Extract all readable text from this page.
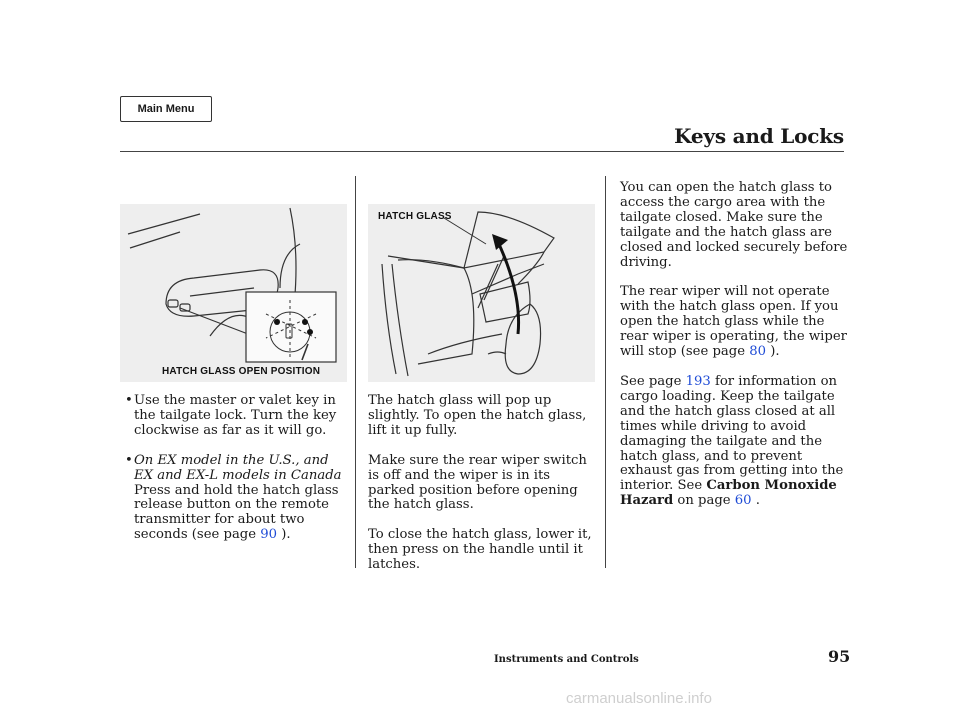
Main Menu
Keys and Locks
HATCH GLASS OPEN POSITION
HATCH GLASS

• Use the master or valet key in the tailgate lock. Turn the key clockwise as far as it will go.

• On EX model in the U.S., and EX and EX-L models in Canada

Press and hold the hatch glass release button on the remote transmitter for about two seconds (see page 90 ).

The hatch glass will pop up slightly. To open the hatch glass, lift it up fully.

Make sure the rear wiper switch is off and the wiper is in its parked position before opening the hatch glass.

To close the hatch glass, lower it, then press on the handle until it latches.

You can open the hatch glass to access the cargo area with the tailgate closed. Make sure the tailgate and the hatch glass are closed and locked securely before driving.

The rear wiper will not operate with the hatch glass open. If you open the hatch glass while the rear wiper is operating, the wiper will stop (see page 80 ).

See page 193 for information on cargo loading. Keep the tailgate and the hatch glass closed at all times while driving to avoid damaging the tailgate and the hatch glass, and to prevent exhaust gas from getting into the interior. See Carbon Monoxide Hazard on page 60 .

Instruments and Controls	95
carmanualsonline.info
